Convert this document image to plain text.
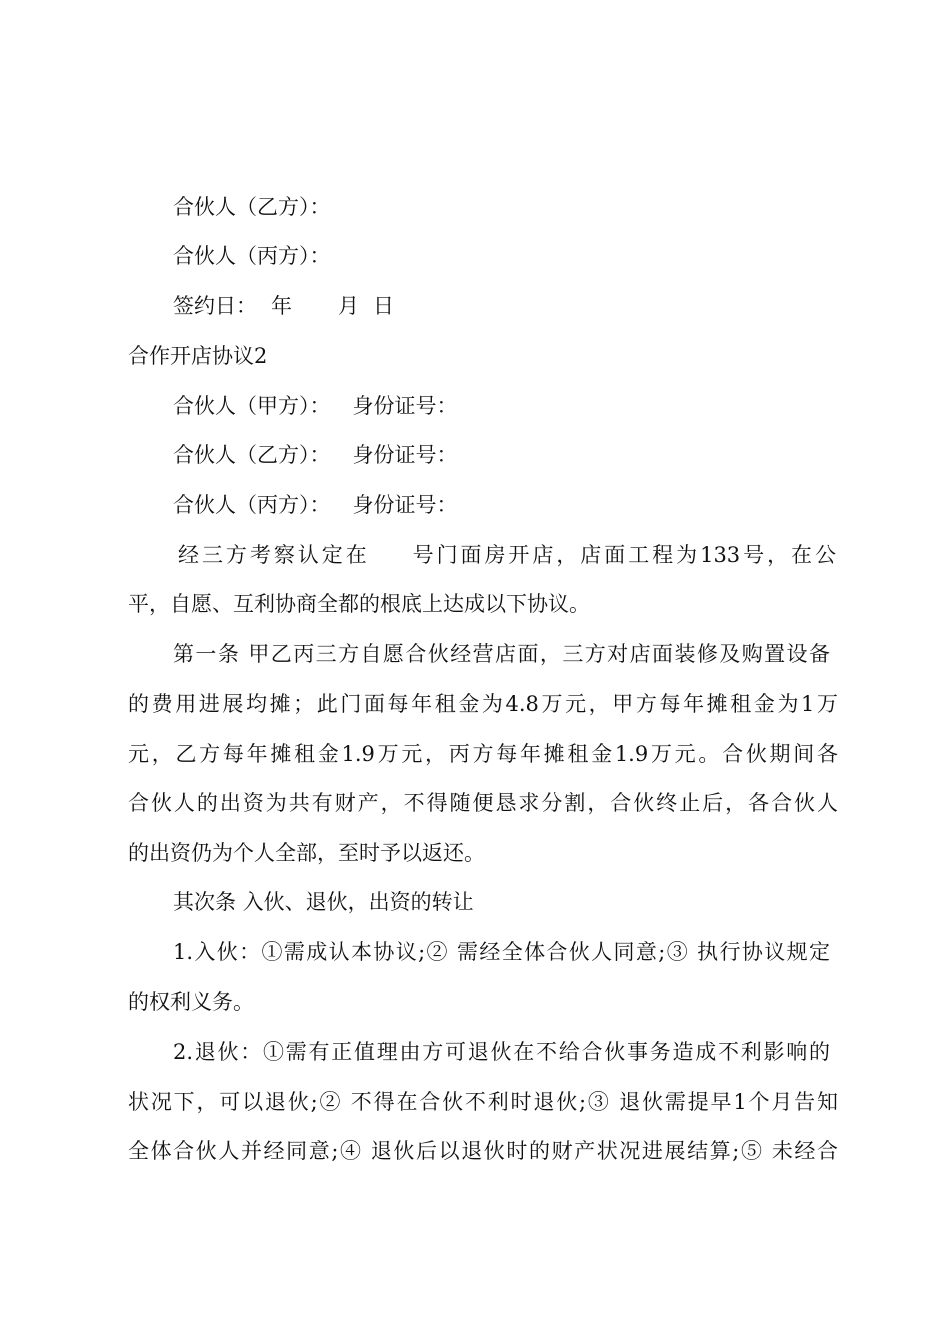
合伙人（乙方）：
合伙人（丙方）：
签约日： 年 月 日
合作开店协议2
合伙人（甲方）： 身份证号：
合伙人（乙方）： 身份证号：
合伙人（丙方）： 身份证号：
经三方考察认定在 号门面房开店，店面工程为133号，在公
平，自愿、互利协商全都的根底上达成以下协议。
第一条 甲乙丙三方自愿合伙经营店面，三方对店面装修及购置设备
的费用进展均摊；此门面每年租金为4.8万元，甲方每年摊租金为1万
元，乙方每年摊租金1.9万元，丙方每年摊租金1.9万元。合伙期间各
合伙人的出资为共有财产，不得随便恳求分割，合伙终止后，各合伙人
的出资仍为个人全部，至时予以返还。
其次条 入伙、退伙，出资的转让
1.入伙：①需成认本协议;② 需经全体合伙人同意;③ 执行协议规定
的权利义务。
2.退伙：①需有正值理由方可退伙在不给合伙事务造成不利影响的
状况下，可以退伙;② 不得在合伙不利时退伙;③ 退伙需提早1个月告知
全体合伙人并经同意;④ 退伙后以退伙时的财产状况进展结算;⑤ 未经合
